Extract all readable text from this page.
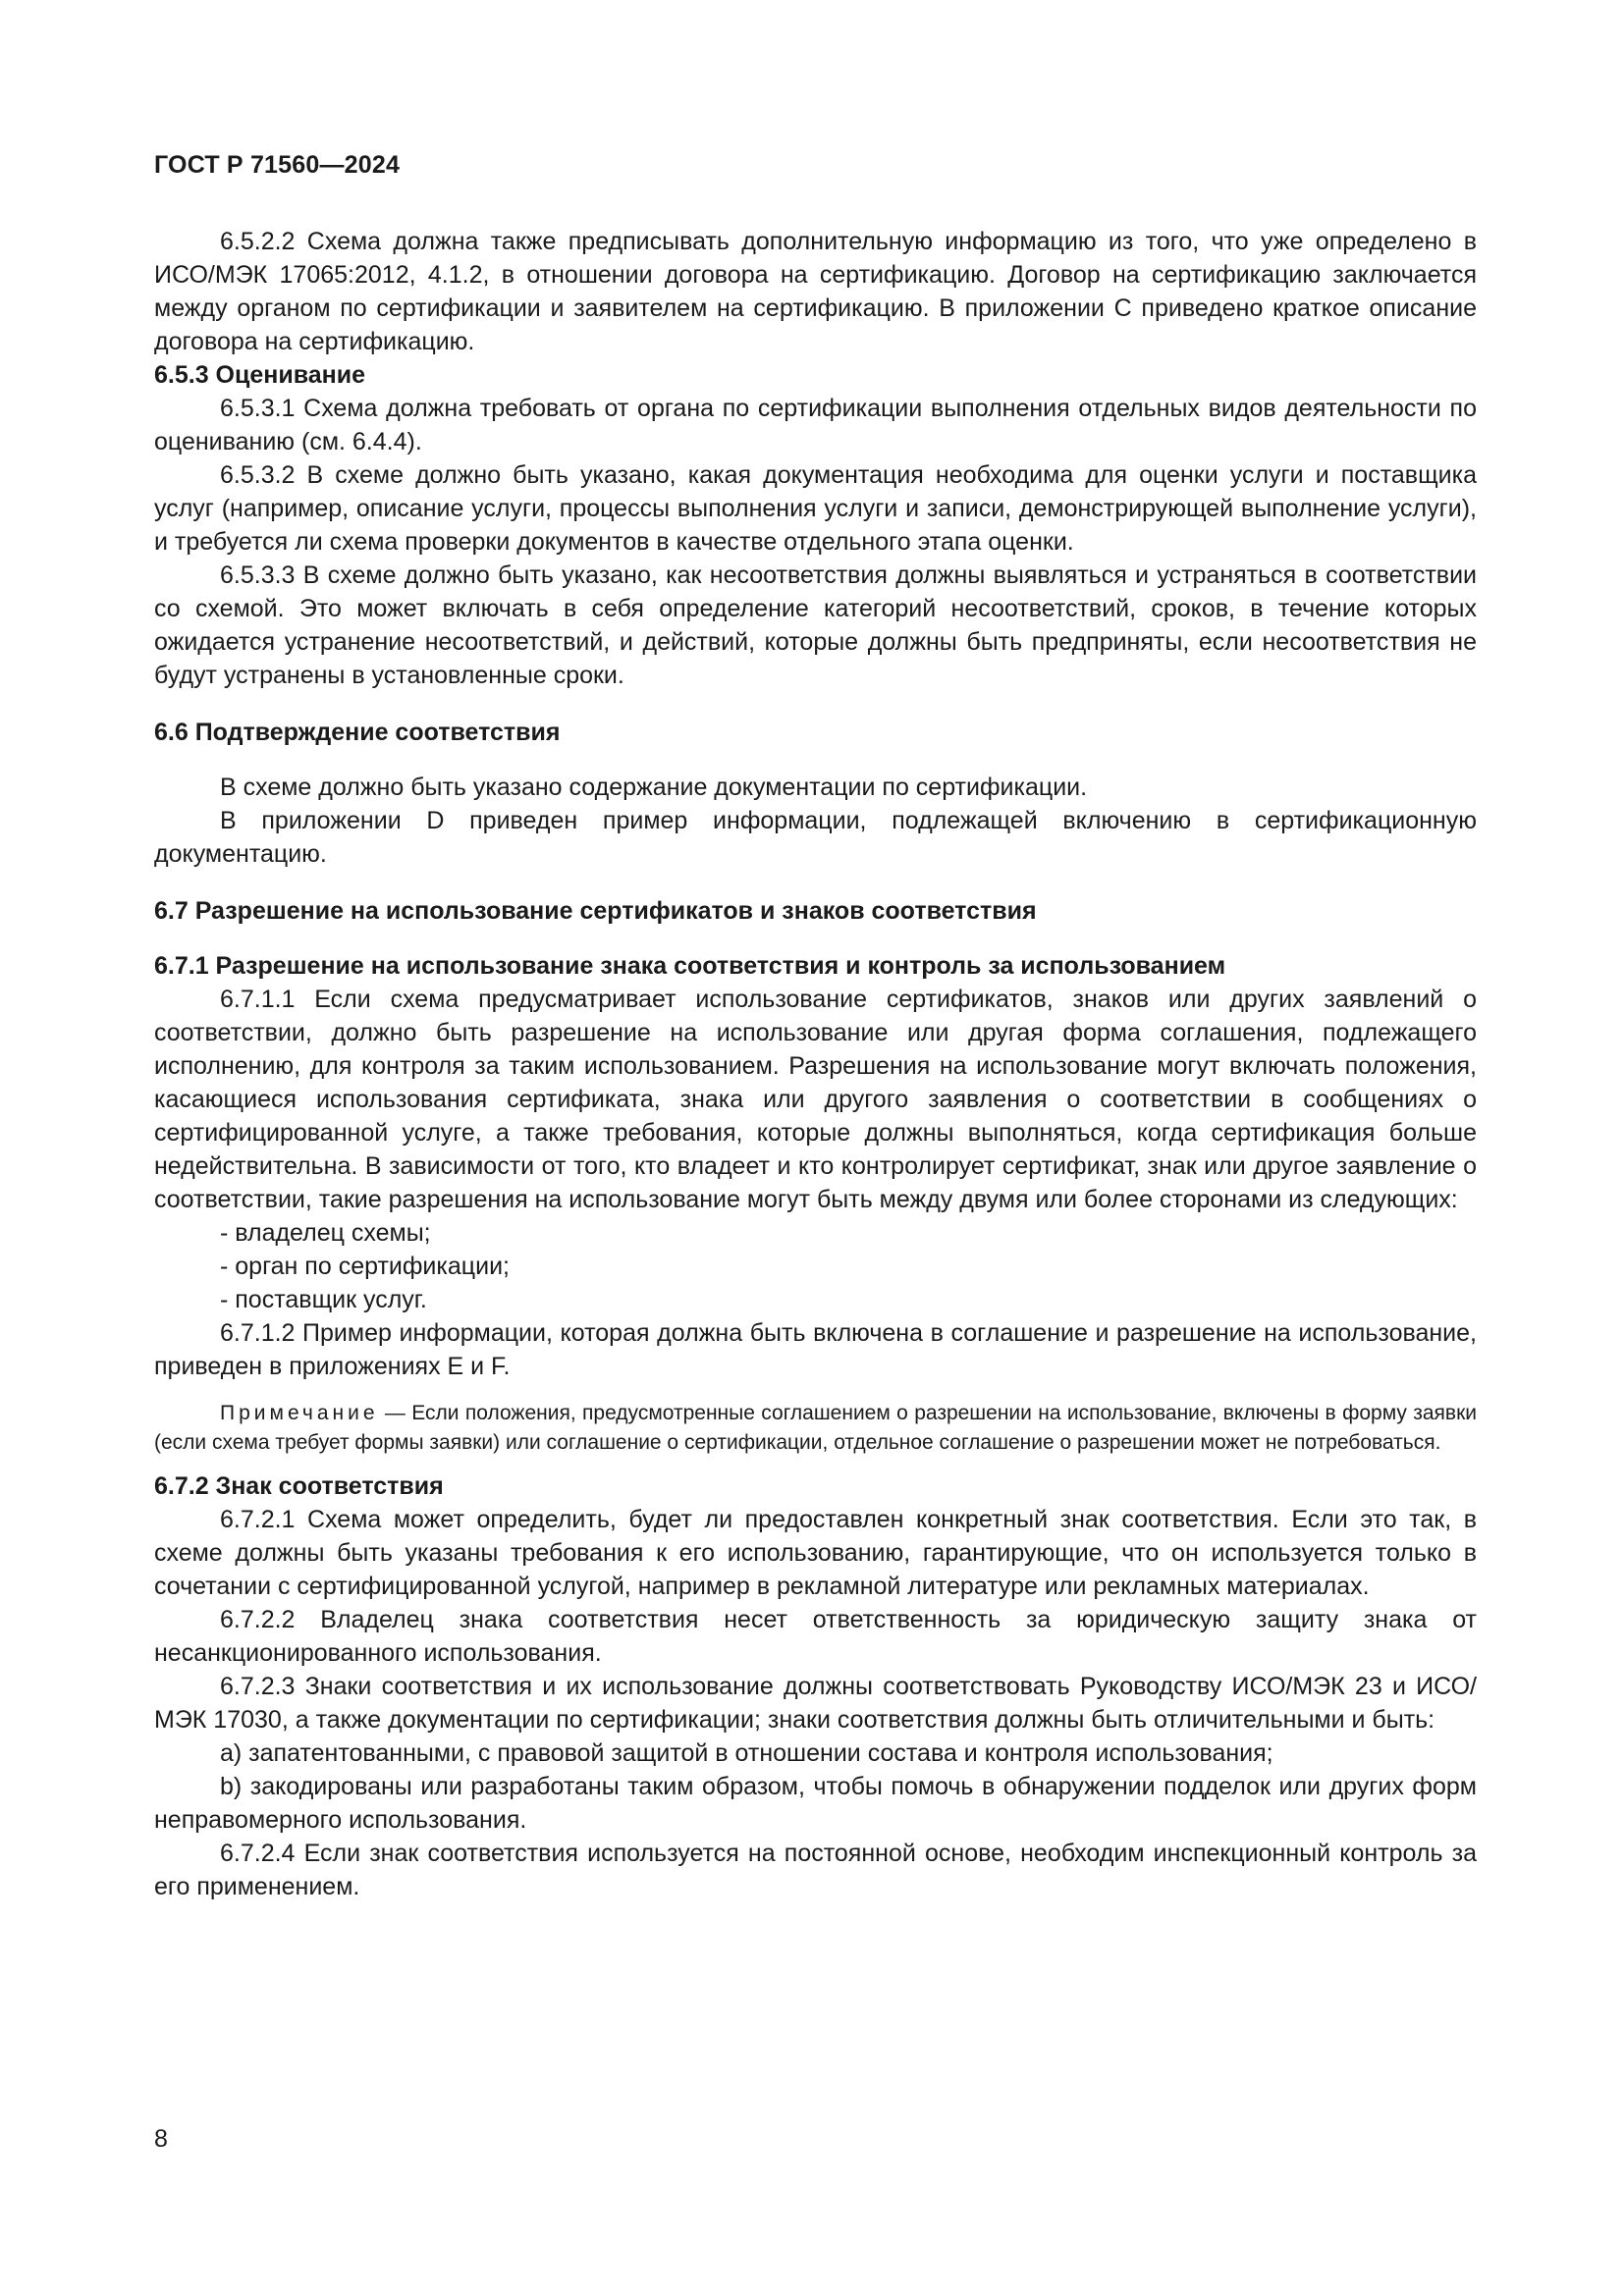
ГОСТ Р 71560—2024

6.5.2.2 Схема должна также предписывать дополнительную информацию из того, что уже определено в ИСО/МЭК 17065:2012, 4.1.2, в отношении договора на сертификацию. Договор на сертификацию заключается между органом по сертификации и заявителем на сертификацию. В приложении С приведено краткое описание договора на сертификацию.

6.5.3 Оценивание

6.5.3.1 Схема должна требовать от органа по сертификации выполнения отдельных видов деятельности по оцениванию (см. 6.4.4).

6.5.3.2 В схеме должно быть указано, какая документация необходима для оценки услуги и поставщика услуг (например, описание услуги, процессы выполнения услуги и записи, демонстрирующей выполнение услуги), и требуется ли схема проверки документов в качестве отдельного этапа оценки.

6.5.3.3 В схеме должно быть указано, как несоответствия должны выявляться и устраняться в соответствии со схемой. Это может включать в себя определение категорий несоответствий, сроков, в течение которых ожидается устранение несоответствий, и действий, которые должны быть предприняты, если несоответствия не будут устранены в установленные сроки.

6.6 Подтверждение соответствия

В схеме должно быть указано содержание документации по сертификации.

В приложении D приведен пример информации, подлежащей включению в сертификационную документацию.

6.7 Разрешение на использование сертификатов и знаков соответствия

6.7.1 Разрешение на использование знака соответствия и контроль за использованием

6.7.1.1 Если схема предусматривает использование сертификатов, знаков или других заявлений о соответствии, должно быть разрешение на использование или другая форма соглашения, подлежащего исполнению, для контроля за таким использованием. Разрешения на использование могут включать положения, касающиеся использования сертификата, знака или другого заявления о соответствии в сообщениях о сертифицированной услуге, а также требования, которые должны выполняться, когда сертификация больше недействительна. В зависимости от того, кто владеет и кто контролирует сертификат, знак или другое заявление о соответствии, такие разрешения на использование могут быть между двумя или более сторонами из следующих:

- владелец схемы;

- орган по сертификации;

- поставщик услуг.

6.7.1.2 Пример информации, которая должна быть включена в соглашение и разрешение на использование, приведен в приложениях E и F.

Примечание — Если положения, предусмотренные соглашением о разрешении на использование, включены в форму заявки (если схема требует формы заявки) или соглашение о сертификации, отдельное соглашение о разрешении может не потребоваться.

6.7.2 Знак соответствия

6.7.2.1 Схема может определить, будет ли предоставлен конкретный знак соответствия. Если это так, в схеме должны быть указаны требования к его использованию, гарантирующие, что он используется только в сочетании с сертифицированной услугой, например в рекламной литературе или рекламных материалах.

6.7.2.2 Владелец знака соответствия несет ответственность за юридическую защиту знака от несанкционированного использования.

6.7.2.3 Знаки соответствия и их использование должны соответствовать Руководству ИСО/МЭК 23 и ИСО/МЭК 17030, а также документации по сертификации; знаки соответствия должны быть отличительными и быть:

a) запатентованными, с правовой защитой в отношении состава и контроля использования;

b) закодированы или разработаны таким образом, чтобы помочь в обнаружении подделок или других форм неправомерного использования.

6.7.2.4 Если знак соответствия используется на постоянной основе, необходим инспекционный контроль за его применением.

8
